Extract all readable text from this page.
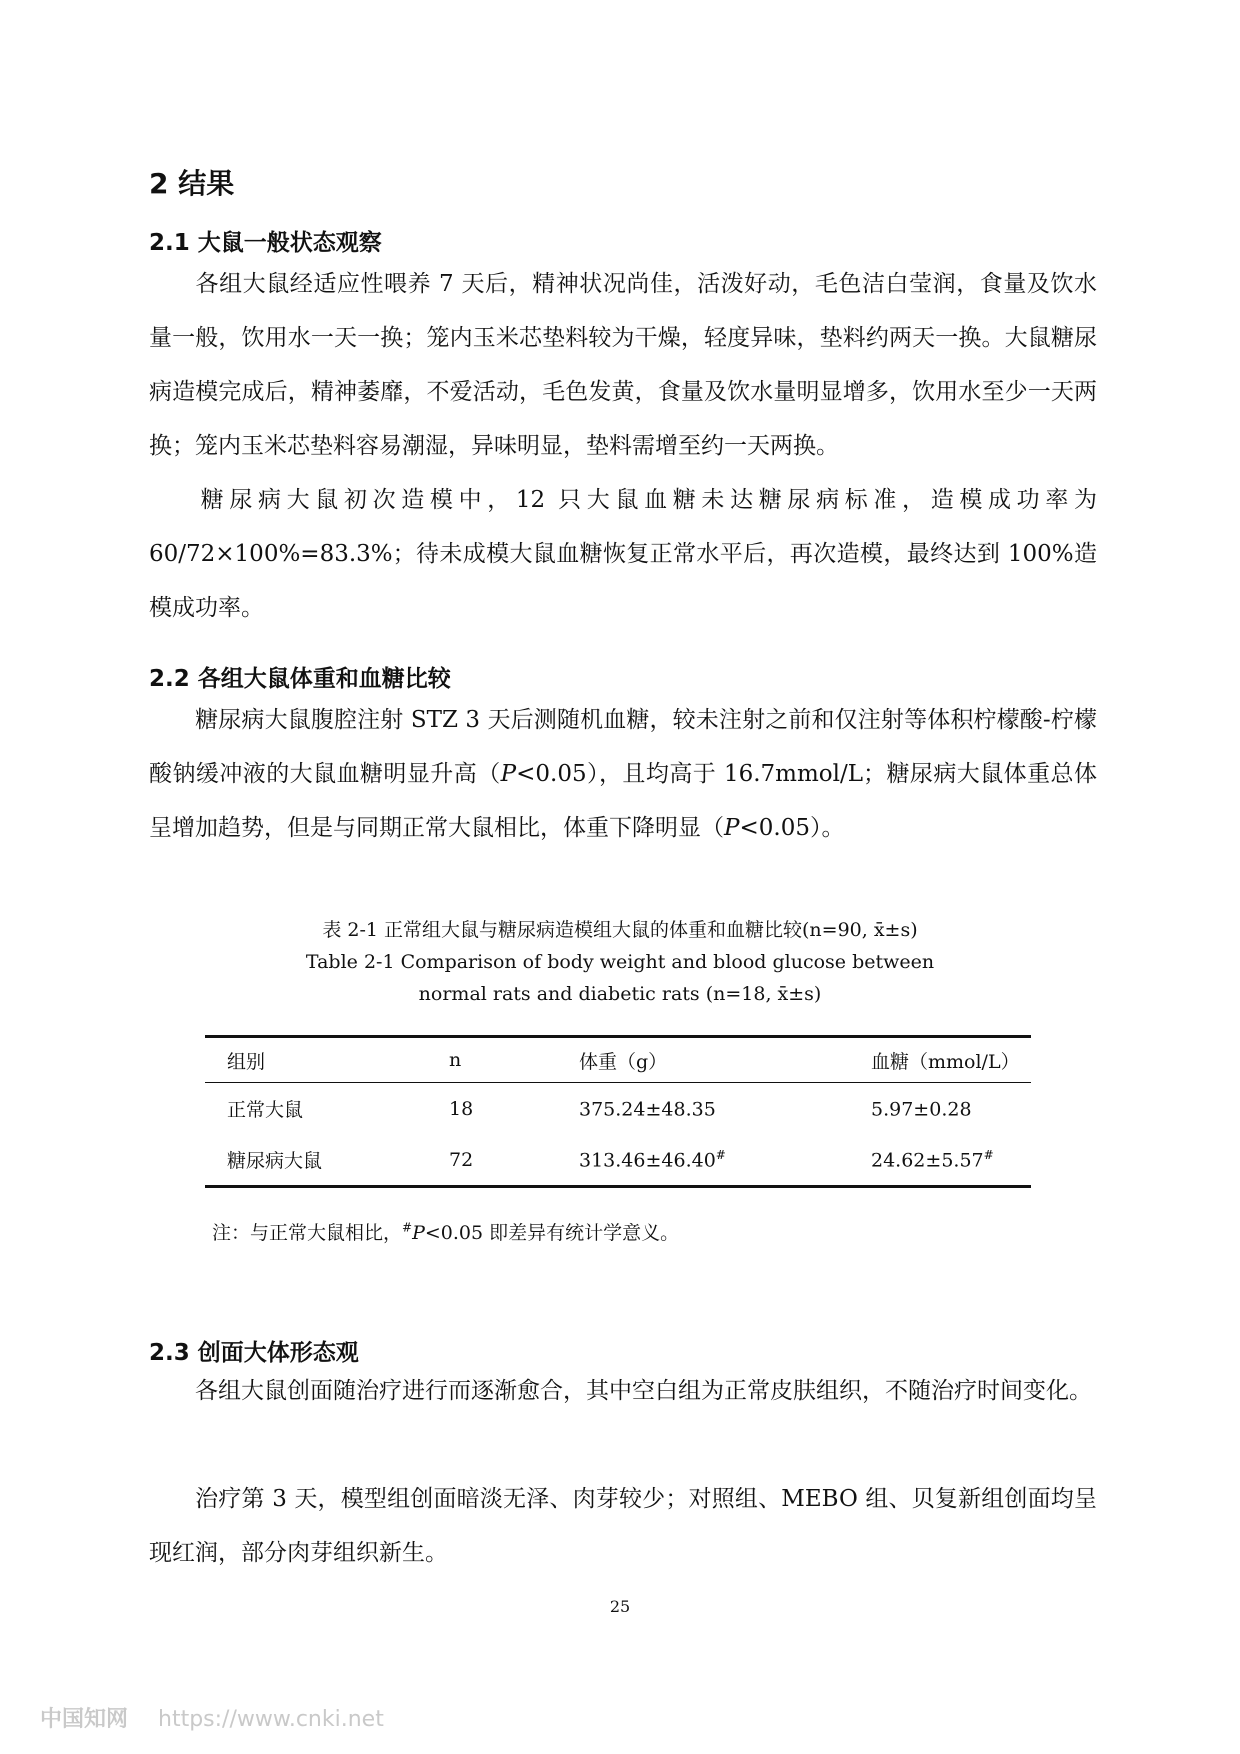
2 结果
2.1 大鼠一般状态观察

各组大鼠经适应性喂养 7 天后，精神状况尚佳，活泼好动，毛色洁白莹润，食量及饮水量一般，饮用水一天一换；笼内玉米芯垫料较为干燥，轻度异味，垫料约两天一换。大鼠糖尿病造模完成后，精神萎靡，不爱活动，毛色发黄，食量及饮水量明显增多，饮用水至少一天两换；笼内玉米芯垫料容易潮湿，异味明显，垫料需增至约一天两换。

糖尿病大鼠初次造模中，12 只大鼠血糖未达糖尿病标准，造模成功率为60/72×100%=83.3%；待未成模大鼠血糖恢复正常水平后，再次造模，最终达到 100%造模成功率。

2.2 各组大鼠体重和血糖比较

糖尿病大鼠腹腔注射 STZ 3 天后测随机血糖，较未注射之前和仅注射等体积柠檬酸-柠檬酸钠缓冲液的大鼠血糖明显升高（P<0.05），且均高于 16.7mmol/L；糖尿病大鼠体重总体呈增加趋势，但是与同期正常大鼠相比，体重下降明显（P<0.05）。

表 2-1 正常组大鼠与糖尿病造模组大鼠的体重和血糖比较(n=90, x̄±s)
Table 2-1 Comparison of body weight and blood glucose between
normal rats and diabetic rats (n=18, x̄±s)
组别	n	体重（g）	血糖（mmol/L）
正常大鼠	18	375.24±48.35	5.97±0.28
糖尿病大鼠	72	313.46±46.40#	24.62±5.57#
注：与正常大鼠相比，#P<0.05 即差异有统计学意义。
2.3 创面大体形态观

各组大鼠创面随治疗进行而逐渐愈合，其中空白组为正常皮肤组织，不随治疗时间变化。

治疗第 3 天，模型组创面暗淡无泽、肉芽较少；对照组、MEBO 组、贝复新组创面均呈现红润，部分肉芽组织新生。

25
中国知网 https://www.cnki.net
